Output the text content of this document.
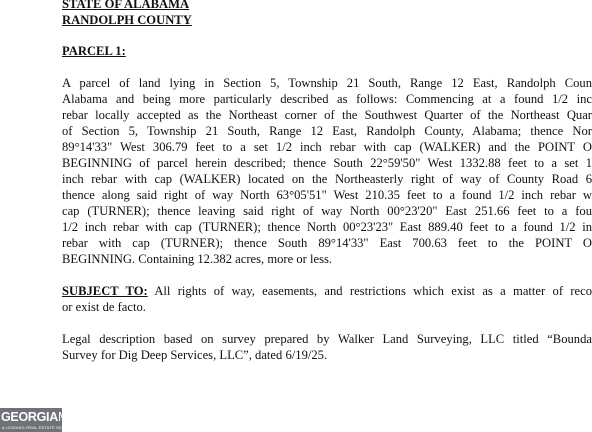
STATE OF ALABAMA
RANDOLPH COUNTY
PARCEL 1:
A parcel of land lying in Section 5, Township 21 South, Range 12 East, Randolph Coun
Alabama and being more particularly described as follows: Commencing at a found 1/2 inc
rebar locally accepted as the Northeast corner of the Southwest Quarter of the Northeast Quar
of Section 5, Township 21 South, Range 12 East, Randolph County, Alabama; thence Nor
89°14'33" West 306.79 feet to a set 1/2 inch rebar with cap (WALKER) and the POINT O
BEGINNING of parcel herein described; thence South 22°59'50" West 1332.88 feet to a set 1
inch rebar with cap (WALKER) located on the Northeasterly right of way of County Road 6
thence along said right of way North 63°05'51" West 210.35 feet to a found 1/2 inch rebar w
cap (TURNER); thence leaving said right of way North 00°23'20" East 251.66 feet to a fou
1/2 inch rebar with cap (TURNER); thence North 00°23'23" East 889.40 feet to a found 1/2 in
rebar with cap (TURNER); thence South 89°14'33" East 700.63 feet to the POINT O
BEGINNING. Containing 12.382 acres, more or less.
SUBJECT TO: All rights of way, easements, and restrictions which exist as a matter of reco
or exist de facto.
Legal description based on survey prepared by Walker Land Surveying, LLC titled “Bounda
Survey for Dig Deep Services, LLC”, dated 6/19/25.
GEORGIAMLS
A LEADING REAL ESTATE SERVICES
